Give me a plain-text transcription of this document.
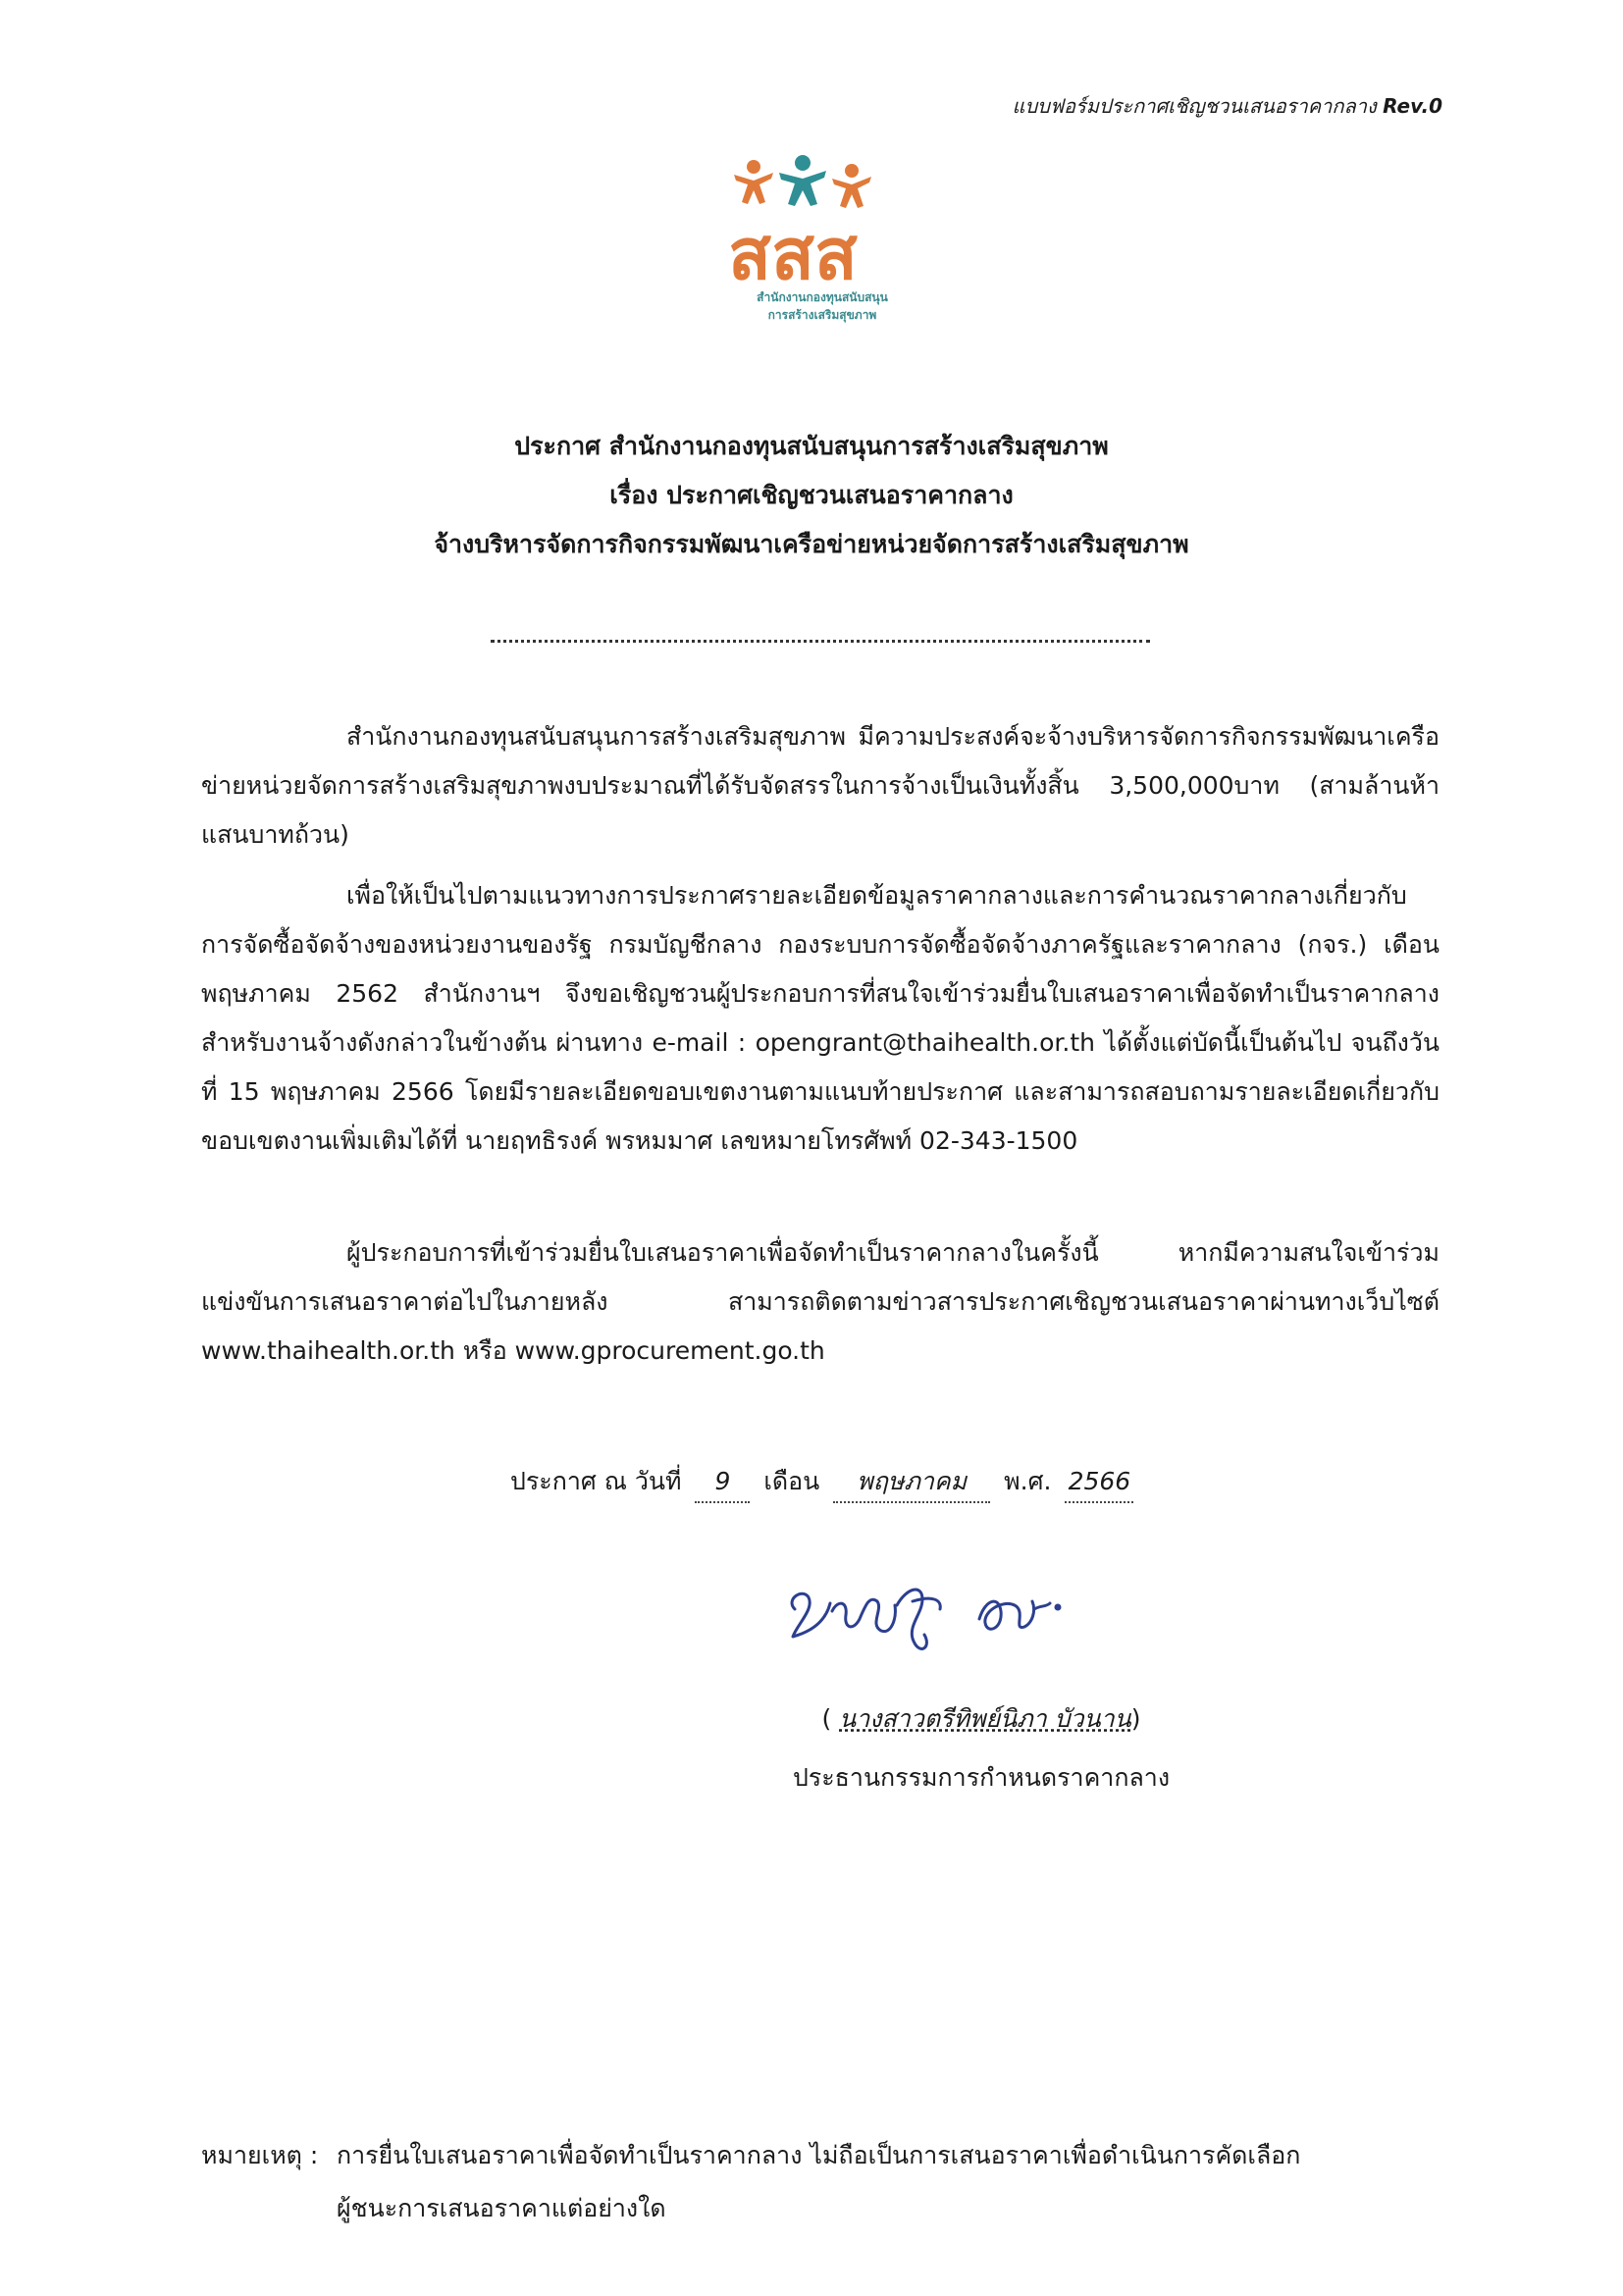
แบบฟอร์มประกาศเชิญชวนเสนอราคากลาง Rev.0
สสส
สำนักงานกองทุนสนับสนุน
การสร้างเสริมสุขภาพ
ประกาศ สำนักงานกองทุนสนับสนุนการสร้างเสริมสุขภาพ
เรื่อง ประกาศเชิญชวนเสนอราคากลาง
จ้างบริหารจัดการกิจกรรมพัฒนาเครือข่ายหน่วยจัดการสร้างเสริมสุขภาพ
สำนักงานกองทุนสนับสนุนการสร้างเสริมสุขภาพ มีความประสงค์จะจ้างบริหารจัดการกิจกรรมพัฒนาเครือข่ายหน่วยจัดการสร้างเสริมสุขภาพงบประมาณที่ได้รับจัดสรรในการจ้างเป็นเงินทั้งสิ้น 3,500,000บาท (สามล้านห้าแสนบาทถ้วน)
เพื่อให้เป็นไปตามแนวทางการประกาศรายละเอียดข้อมูลราคากลางและการคำนวณราคากลางเกี่ยวกับการจัดซื้อจัดจ้างของหน่วยงานของรัฐ กรมบัญชีกลาง กองระบบการจัดซื้อจัดจ้างภาครัฐและราคากลาง (กจร.) เดือนพฤษภาคม 2562 สำนักงานฯ จึงขอเชิญชวนผู้ประกอบการที่สนใจเข้าร่วมยื่นใบเสนอราคาเพื่อจัดทำเป็นราคากลางสำหรับงานจ้างดังกล่าวในข้างต้น ผ่านทาง e-mail : opengrant@thaihealth.or.th ได้ตั้งแต่บัดนี้เป็นต้นไป จนถึงวันที่ 15 พฤษภาคม 2566 โดยมีรายละเอียดขอบเขตงานตามแนบท้ายประกาศ และสามารถสอบถามรายละเอียดเกี่ยวกับขอบเขตงานเพิ่มเติมได้ที่ นายฤทธิรงค์ พรหมมาศ เลขหมายโทรศัพท์ 02-343-1500
ผู้ประกอบการที่เข้าร่วมยื่นใบเสนอราคาเพื่อจัดทำเป็นราคากลางในครั้งนี้ หากมีความสนใจเข้าร่วมแข่งขันการเสนอราคาต่อไปในภายหลัง สามารถติดตามข่าวสารประกาศเชิญชวนเสนอราคาผ่านทางเว็บไซต์ www.thaihealth.or.th หรือ www.gprocurement.go.th
ประกาศ ณ วันที่ 9 เดือน พฤษภาคม พ.ศ. 2566
( นางสาวตรีทิพย์นิภา บัวนาน)
ประธานกรรมการกำหนดราคากลาง
หมายเหตุ : การยื่นใบเสนอราคาเพื่อจัดทำเป็นราคากลาง ไม่ถือเป็นการเสนอราคาเพื่อดำเนินการคัดเลือก
ผู้ชนะการเสนอราคาแต่อย่างใด
